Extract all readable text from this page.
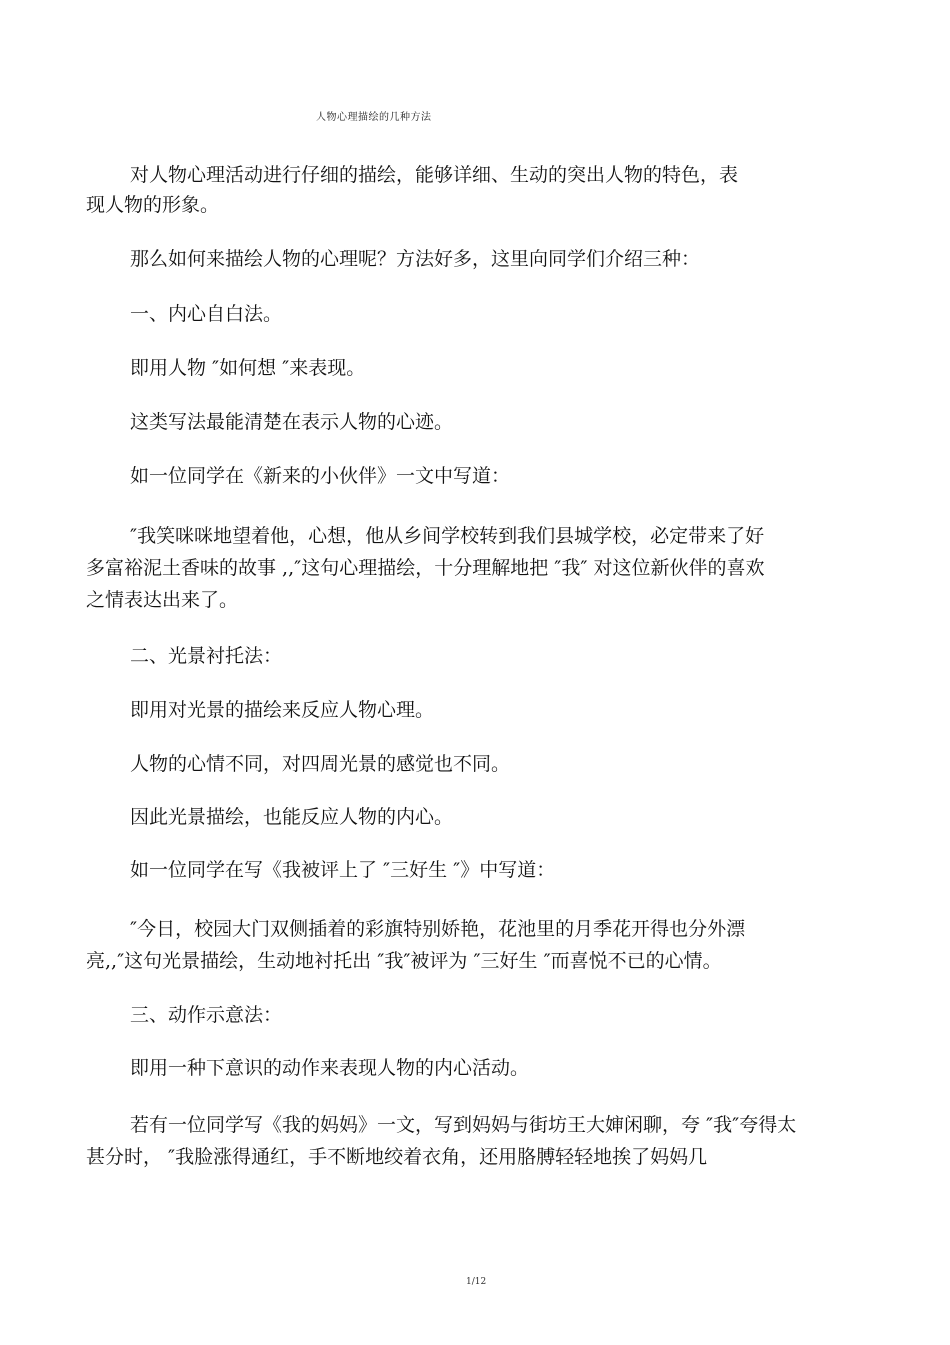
人物心理描绘的几种方法
对人物心理活动进行仔细的描绘，能够详细、生动的突出人物的特色，表
现人物的形象。
那么如何来描绘人物的心理呢？方法好多，这里向同学们介绍三种：
一、内心自白法。
即用人物 ″如何想 ″来表现。
这类写法最能清楚在表示人物的心迹。
如一位同学在《新来的小伙伴》一文中写道：
″我笑咪咪地望着他，心想，他从乡间学校转到我们县城学校，必定带来了好
多富裕泥土香味的故事 ,,″这句心理描绘，十分理解地把 ″我″ 对这位新伙伴的喜欢
之情表达出来了。
二、光景衬托法：
即用对光景的描绘来反应人物心理。
人物的心情不同，对四周光景的感觉也不同。
因此光景描绘，也能反应人物的内心。
如一位同学在写《我被评上了 ″三好生 ″》中写道：
″今日，校园大门双侧插着的彩旗特别娇艳，花池里的月季花开得也分外漂
亮,,″这句光景描绘，生动地衬托出 ″我″被评为 ″三好生 ″而喜悦不已的心情。
三、动作示意法：
即用一种下意识的动作来表现人物的内心活动。
若有一位同学写《我的妈妈》一文，写到妈妈与街坊王大婶闲聊，夸 ″我″夸得太
甚分时， ″我脸涨得通红，手不断地绞着衣角，还用胳膊轻轻地挨了妈妈几
1/12
